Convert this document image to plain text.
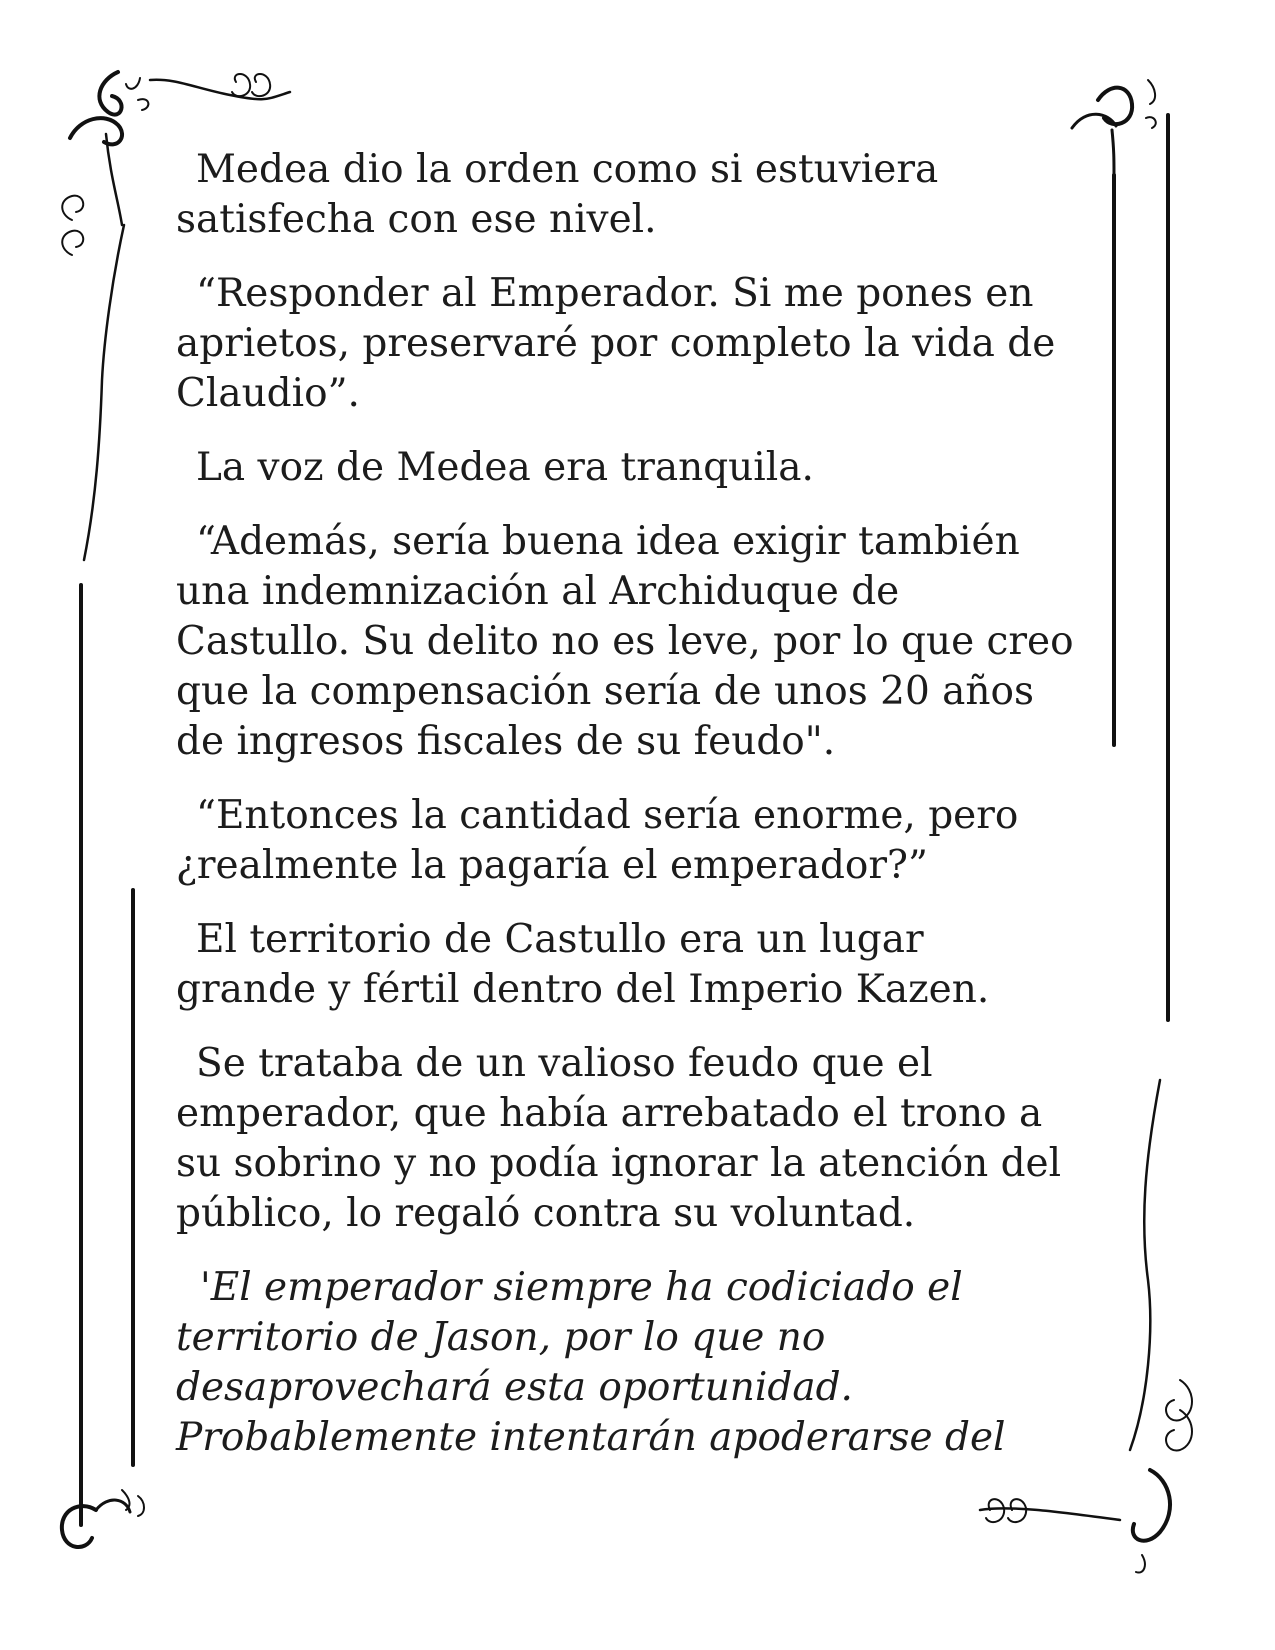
Medea dio la orden como si estuviera satisfecha con ese nivel.

“Responder al Emperador. Si me pones en aprietos, preservaré por completo la vida de Claudio”.

La voz de Medea era tranquila.

“Además, sería buena idea exigir también una indemnización al Archiduque de Castullo. Su delito no es leve, por lo que creo que la compensación sería de unos 20 años de ingresos fiscales de su feudo".

“Entonces la cantidad sería enorme, pero ¿realmente la pagaría el emperador?”

El territorio de Castullo era un lugar grande y fértil dentro del Imperio Kazen.

Se trataba de un valioso feudo que el emperador, que había arrebatado el trono a su sobrino y no podía ignorar la atención del público, lo regaló contra su voluntad.

'El emperador siempre ha codiciado el territorio de Jason, por lo que no desaprovechará esta oportunidad. Probablemente intentarán apoderarse del
